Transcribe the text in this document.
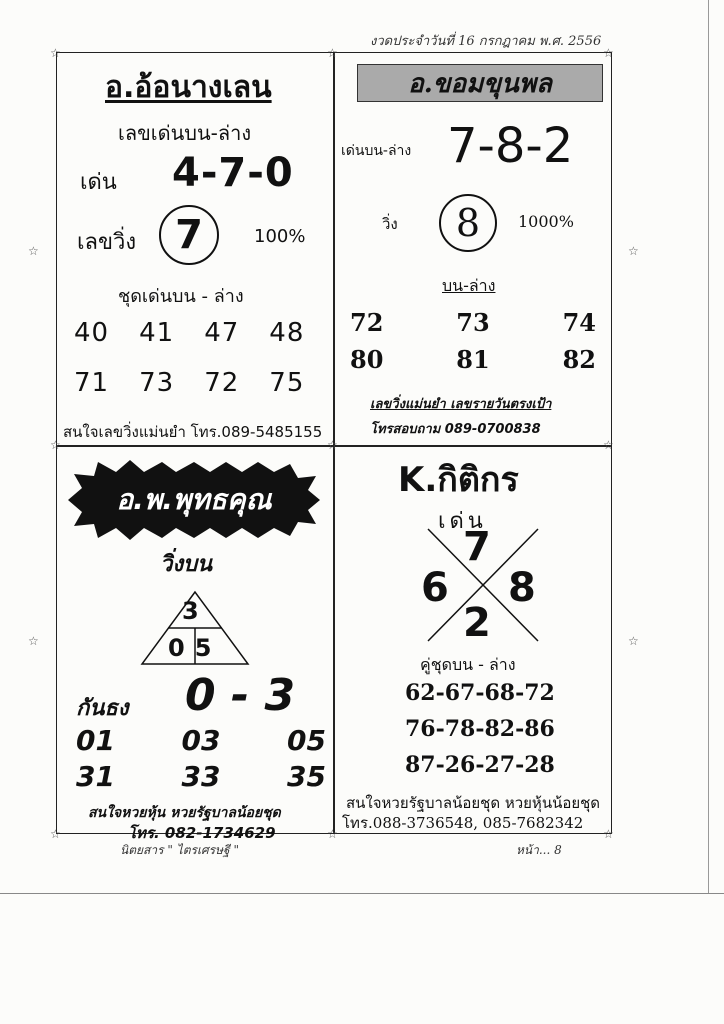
งวดประจำวันที่ 16 กรกฎาคม พ.ศ. 2556
☆	☆	☆
☆	☆	☆
☆	☆	☆
☆
☆
☆
☆
อ.อ้อนางเลน
เลขเด่นบน-ล่าง
เด่น 4-7-0
เลขวิ่ง 7	100%
ชุดเด่นบน - ล่าง
40 41 47 48
71 73 72 75
สนใจเลขวิ่งแม่นยำ โทร.089-5485155
อ.ขอมขุนพล
เด่นบน-ล่าง 7-8-2
วิ่ง	8	1000%
บน-ล่าง
72	73	74
80	81	82
เลขวิ่งแม่นยำ เลขรายวันตรงเป้า
โทรสอบถาม 089-0700838
อ.พ.พุทธคุณ
วิ่งบน
3
05
กันธง 0 - 3
01 03 05
31 33 35
สนใจหวยหุ้น หวยรัฐบาลน้อยชุด
โทร. 082-1734629
K.กิติกร
เด่น
7
6 8
2
คู่ชุดบน - ล่าง
62-67-68-72
76-78-82-86
87-26-27-28
สนใจหวยรัฐบาลน้อยชุด หวยหุ้นน้อยชุด
โทร.088-3736548, 085-7682342
นิตยสาร " ไตรเศรษฐี "	หน้า... 8
